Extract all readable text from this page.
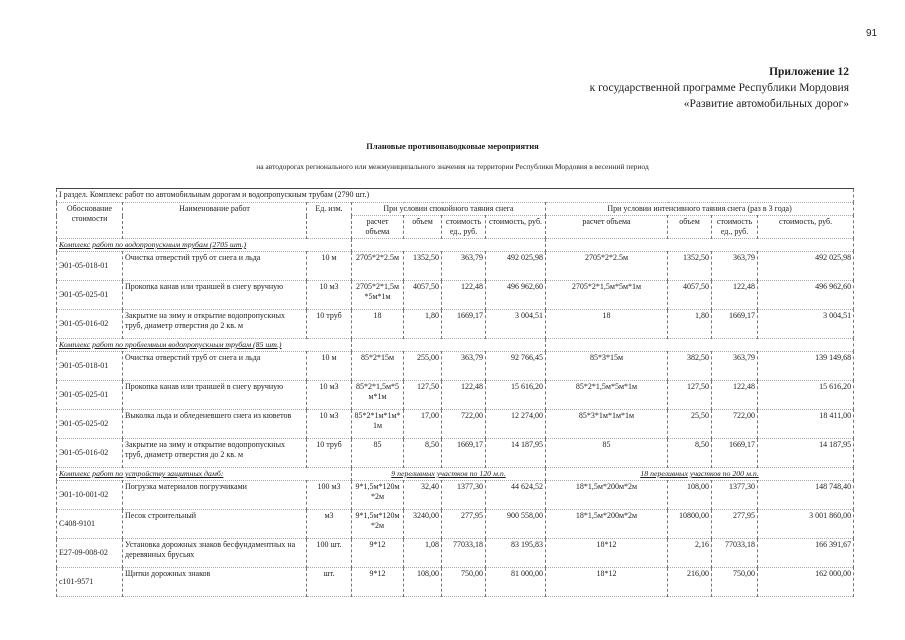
91
Приложение 12
к государственной программе Республики Мордовия
«Развитие автомобильных дорог»
Плановые противопаводковые мероприятия
на автодорогах регионального или межмуниципального значения на территории Республики Мордовия в весенний период
I раздел. Комплекс работ по автомобильным дорогам и водопропускным трубам (2790 шт.)										
Обоснование стоимости	Наименование работ	Ед. изм.	При условии спокойного таяния снега				При условии интенсивного таяния снега (раз в 3 года)			
			расчет объема	объем	стоимость ед., руб.	стоимость, руб.	расчет объема	объем	стоимость ед., руб.	стоимость, руб.
Комплекс работ по водопропускным трубам (2705 шт.)										
Э01-05-018-01	Очистка отверстий труб от снега и льда	10 м	2705*2*2.5м	1352,50	363,79	492 025,98	2705*2*2.5м	1352,50	363,79	492 025,98
Э01-05-025-01	Прокопка канав или траншей в снегу вручную	10 м3	2705*2*1,5м *5м*1м	4057,50	122,48	496 962,60	2705*2*1,5м*5м*1м	4057,50	122,48	496 962,60
Э01-05-016-02	Закрытие на зиму и открытие водопропускных труб, диаметр отверстия до 2 кв. м	10 труб	18	1,80	1669,17	3 004,51	18	1,80	1669,17	3 004,51
Комплекс работ по проблемным водопропускным трубам (85 шт.)										
Э01-05-018-01	Очистка отверстий труб от снега и льда	10 м	85*2*15м	255,00	363,79	92 766,45	85*3*15м	382,50	363,79	139 149,68
Э01-05-025-01	Прокопка канав или траншей в снегу вручную	10 м3	85*2*1,5м*5 м*1м	127,50	122,48	15 616,20	85*2*1,5м*5м*1м	127,50	122,48	15 616,20
Э01-05-025-02	Выколка льда и обледеневшего снега из кюветов	10 м3	85*2*1м*1м* 1м	17,00	722,00	12 274,00	85*3*1м*1м*1м	25,50	722,00	18 411,00
Э01-05-016-02	Закрытие на зиму и открытие водопропускных труб, диаметр отверстия до 2 кв. м	10 труб	85	8,50	1669,17	14 187,95	85	8,50	1669,17	14 187,95
Комплекс работ по устройству защитных дамб:			9 переливных участков по 120 м.п.				18 переливных участков по 200 м.п.			
Э01-10-001-02	Погрузка материалов погрузчиками	100 м3	9*1,5м*120м *2м	32,40	1377,30	44 624,52	18*1,5м*200м*2м	108,00	1377,30	148 748,40
С408-9101	Песок строительный	м3	9*1,5м*120м *2м	3240,00	277,95	900 558,00	18*1,5м*200м*2м	10800,00	277,95	3 001 860,00
Е27-09-008-02	Установка дорожных знаков бесфундаментных на деревянных брусьях	100 шт.	9*12	1,08	77033,18	83 195,83	18*12	2,16	77033,18	166 391,67
с101-9571	Щитки дорожных знаков	шт.	9*12	108,00	750,00	81 000,00	18*12	216,00	750,00	162 000,00
